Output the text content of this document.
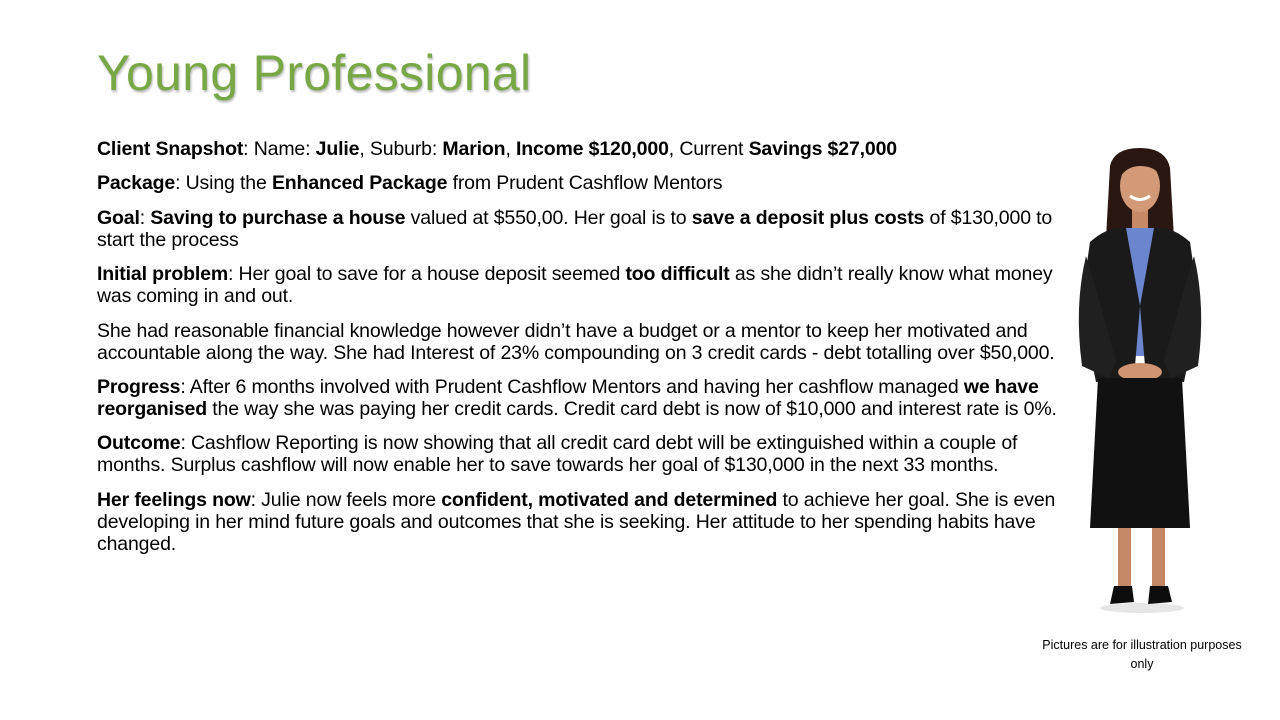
Young Professional

Client Snapshot: Name: Julie, Suburb: Marion, Income $120,000, Current Savings $27,000

Package: Using the Enhanced Package from Prudent Cashflow Mentors

Goal: Saving to purchase a house valued at $550,00. Her goal is to save a deposit plus costs of $130,000 to start the process

Initial problem: Her goal to save for a house deposit seemed too difficult as she didn’t really know what money was coming in and out.

She had reasonable financial knowledge however didn’t have a budget or a mentor to keep her motivated and accountable along the way. She had Interest of 23% compounding on 3 credit cards - debt totalling over $50,000.

Progress: After 6 months involved with Prudent Cashflow Mentors and having her cashflow managed we have reorganised the way she was paying her credit cards. Credit card debt is now of $10,000 and interest rate is 0%.

Outcome: Cashflow Reporting is now showing that all credit card debt will be extinguished within a couple of months. Surplus cashflow will now enable her to save towards her goal of $130,000 in the next 33 months.

Her feelings now: Julie now feels more confident, motivated and determined to achieve her goal. She is even developing in her mind future goals and outcomes that she is seeking. Her attitude to her spending habits have changed.

Pictures are for illustration purposes only
